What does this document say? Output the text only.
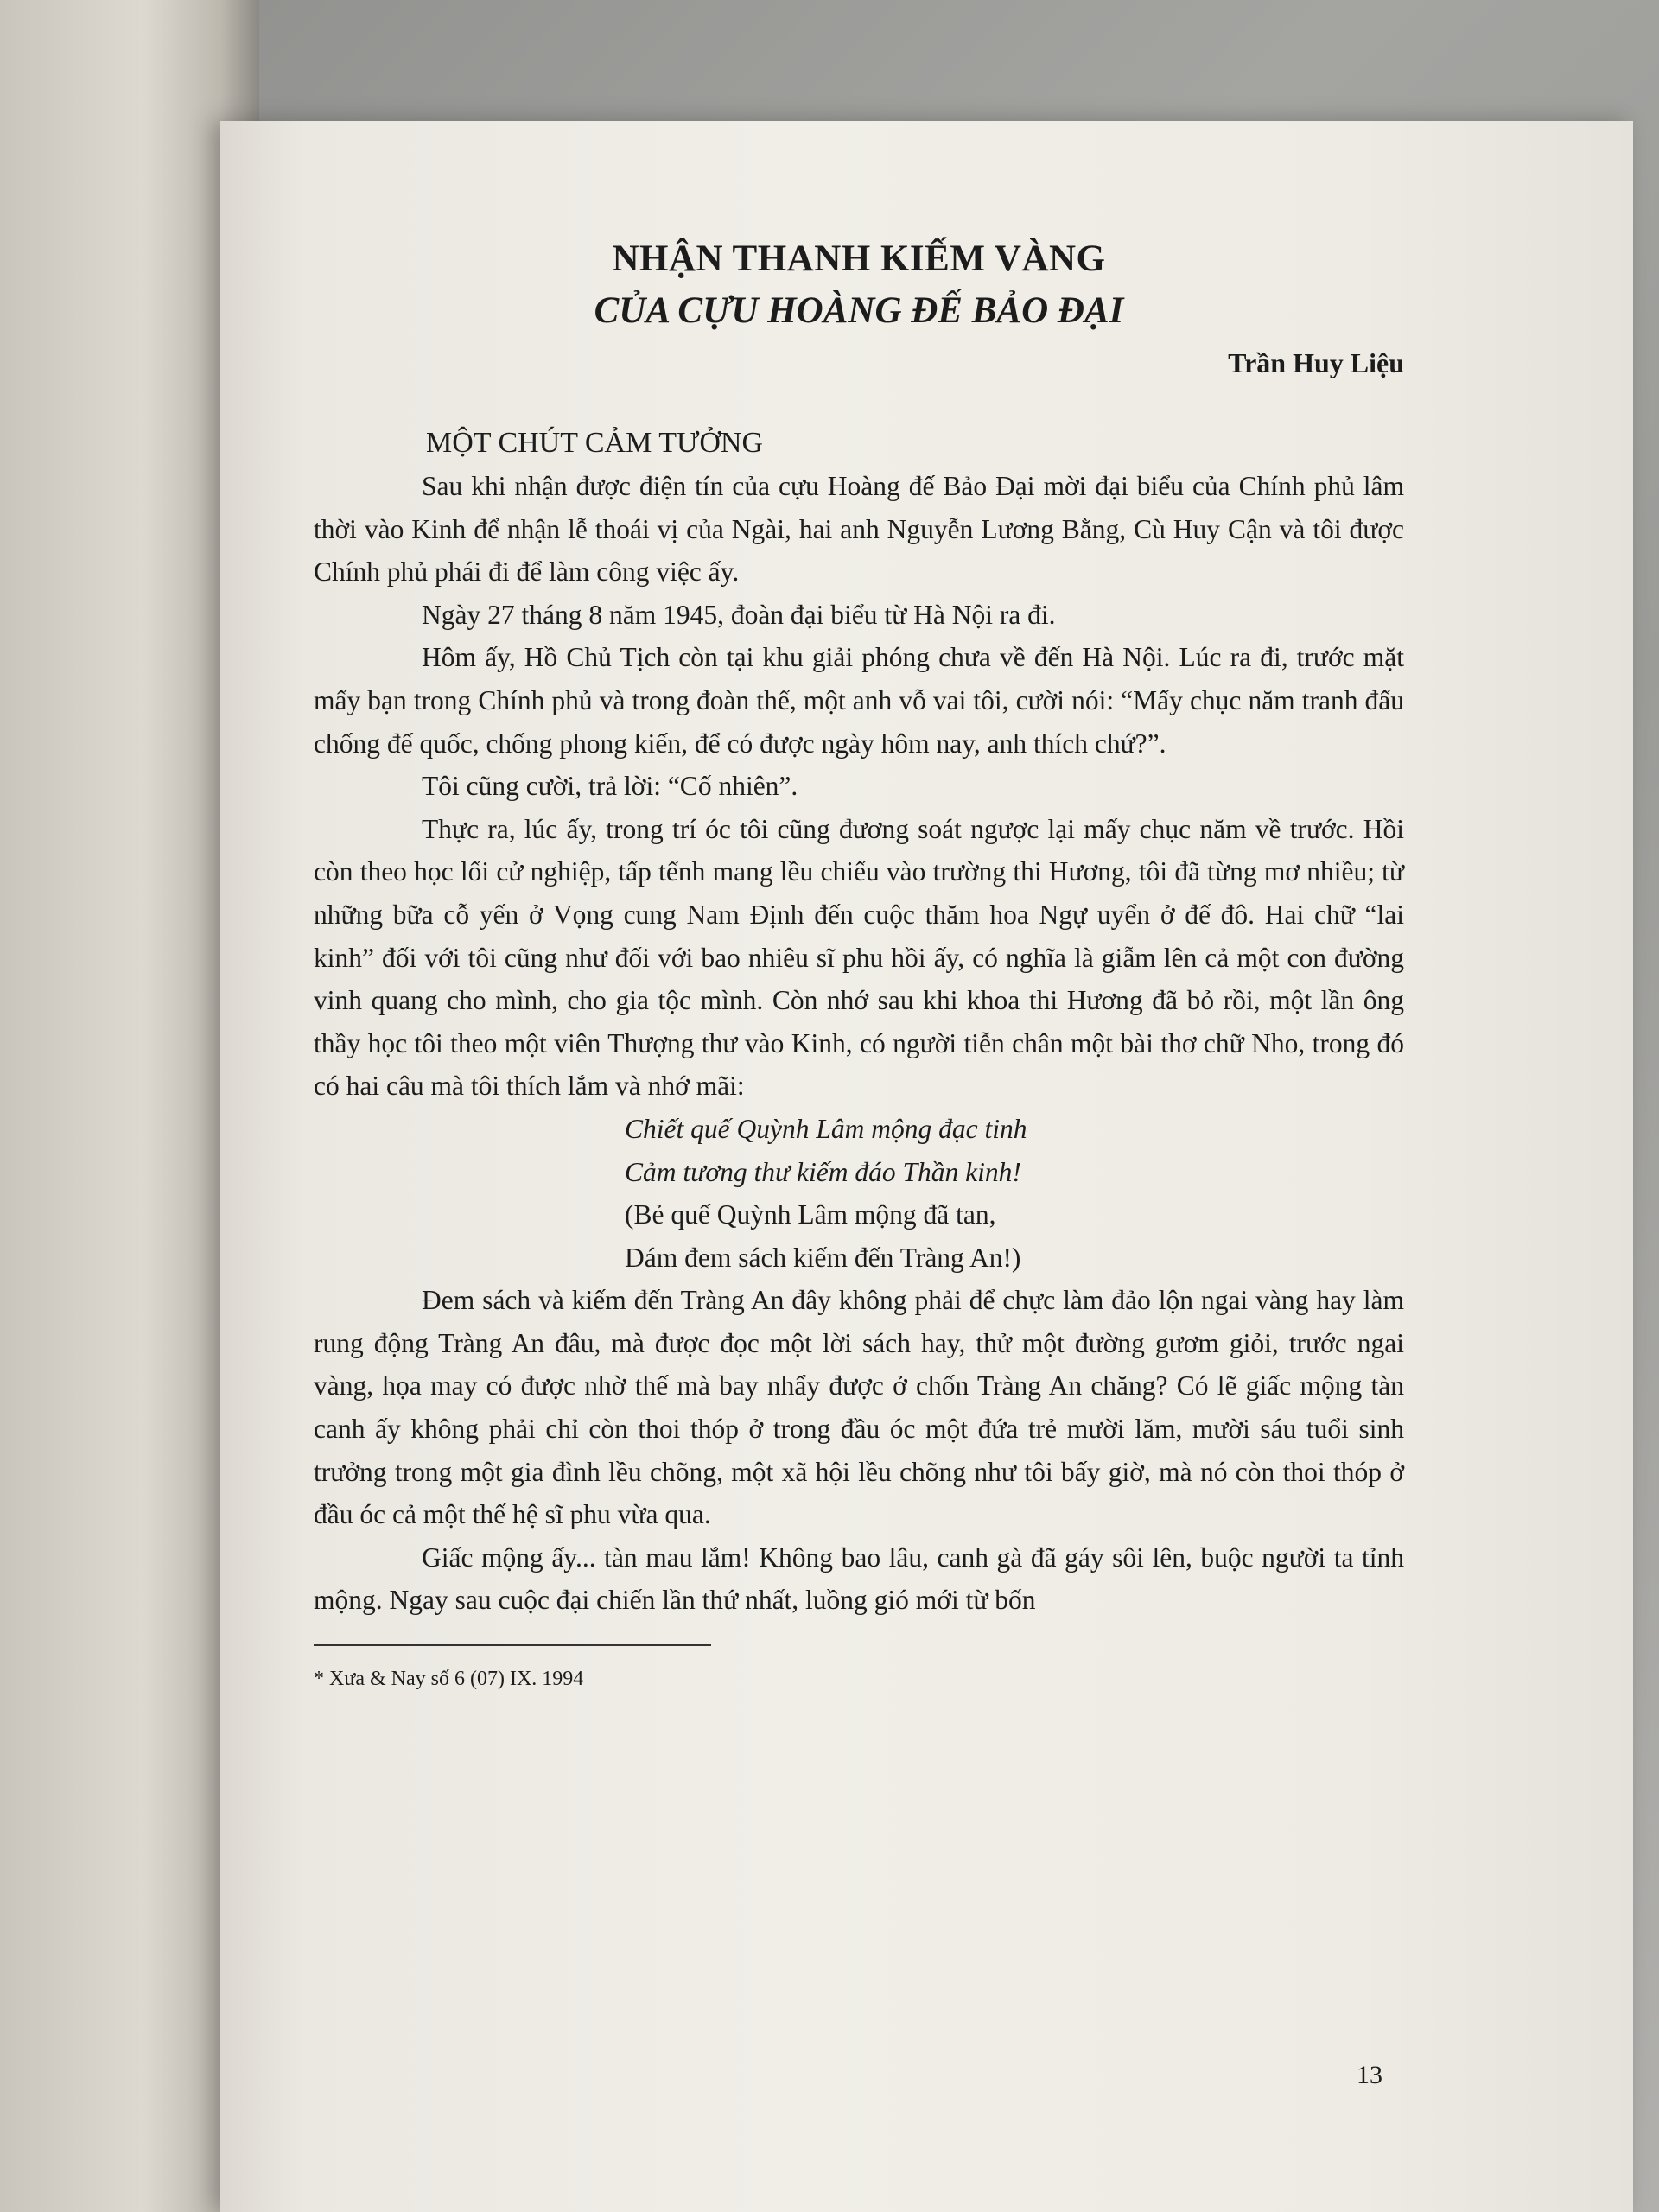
NHẬN THANH KIẾM VÀNG
CỦA CỰU HOÀNG ĐẾ BẢO ĐẠI

Trần Huy Liệu

MỘT CHÚT CẢM TƯỞNG

Sau khi nhận được điện tín của cựu Hoàng đế Bảo Đại mời đại biểu của Chính phủ lâm thời vào Kinh để nhận lễ thoái vị của Ngài, hai anh Nguyễn Lương Bằng, Cù Huy Cận và tôi được Chính phủ phái đi để làm công việc ấy.

Ngày 27 tháng 8 năm 1945, đoàn đại biểu từ Hà Nội ra đi.

Hôm ấy, Hồ Chủ Tịch còn tại khu giải phóng chưa về đến Hà Nội. Lúc ra đi, trước mặt mấy bạn trong Chính phủ và trong đoàn thể, một anh vỗ vai tôi, cười nói: “Mấy chục năm tranh đấu chống đế quốc, chống phong kiến, để có được ngày hôm nay, anh thích chứ?”.

Tôi cũng cười, trả lời: “Cố nhiên”.

Thực ra, lúc ấy, trong trí óc tôi cũng đương soát ngược lại mấy chục năm về trước. Hồi còn theo học lối cử nghiệp, tấp tểnh mang lều chiếu vào trường thi Hương, tôi đã từng mơ nhiều; từ những bữa cỗ yến ở Vọng cung Nam Định đến cuộc thăm hoa Ngự uyển ở đế đô. Hai chữ “lai kinh” đối với tôi cũng như đối với bao nhiêu sĩ phu hồi ấy, có nghĩa là giẫm lên cả một con đường vinh quang cho mình, cho gia tộc mình. Còn nhớ sau khi khoa thi Hương đã bỏ rồi, một lần ông thầy học tôi theo một viên Thượng thư vào Kinh, có người tiễn chân một bài thơ chữ Nho, trong đó có hai câu mà tôi thích lắm và nhớ mãi:

Chiết quế Quỳnh Lâm mộng đạc tinh
Cảm tương thư kiếm đáo Thần kinh!
(Bẻ quế Quỳnh Lâm mộng đã tan,
Dám đem sách kiếm đến Tràng An!)

Đem sách và kiếm đến Tràng An đây không phải để chực làm đảo lộn ngai vàng hay làm rung động Tràng An đâu, mà được đọc một lời sách hay, thử một đường gươm giỏi, trước ngai vàng, họa may có được nhờ thế mà bay nhẩy được ở chốn Tràng An chăng? Có lẽ giấc mộng tàn canh ấy không phải chỉ còn thoi thóp ở trong đầu óc một đứa trẻ mười lăm, mười sáu tuổi sinh trưởng trong một gia đình lều chõng, một xã hội lều chõng như tôi bấy giờ, mà nó còn thoi thóp ở đầu óc cả một thế hệ sĩ phu vừa qua.

Giấc mộng ấy... tàn mau lắm! Không bao lâu, canh gà đã gáy sôi lên, buộc người ta tỉnh mộng. Ngay sau cuộc đại chiến lần thứ nhất, luồng gió mới từ bốn

* Xưa & Nay số 6 (07) IX. 1994

13
